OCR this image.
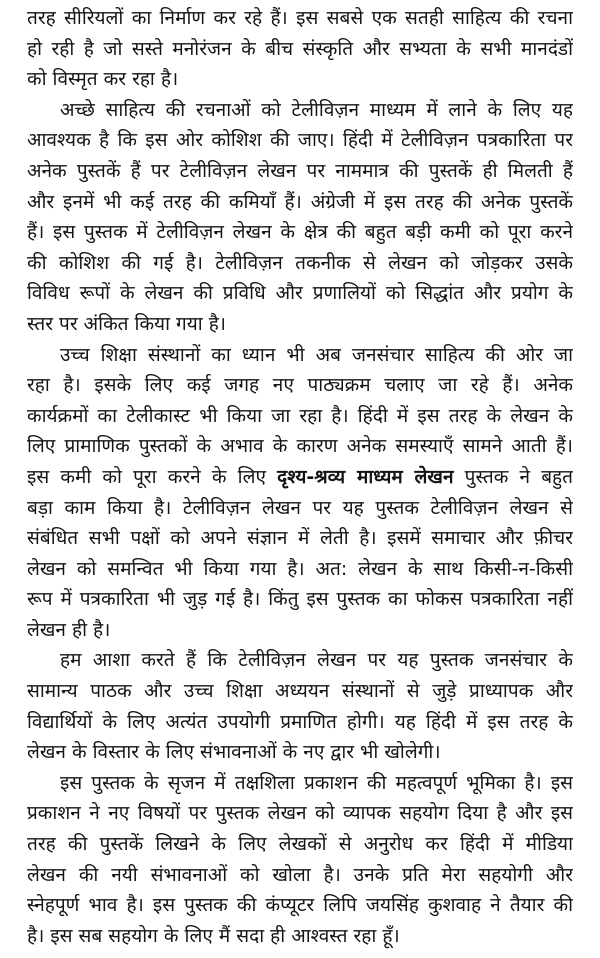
तरह सीरियलों का निर्माण कर रहे हैं। इस सबसे एक सतही साहित्य की रचना
हो रही है जो सस्ते मनोरंजन के बीच संस्कृति और सभ्यता के सभी मानदंडों
को विस्मृत कर रहा है।
अच्छे साहित्य की रचनाओं को टेलीविज़न माध्यम में लाने के लिए यह
आवश्यक है कि इस ओर कोशिश की जाए। हिंदी में टेलीविज़न पत्रकारिता पर
अनेक पुस्तकें हैं पर टेलीविज़न लेखन पर नाममात्र की पुस्तकें ही मिलती हैं
और इनमें भी कई तरह की कमियाँ हैं। अंग्रेजी में इस तरह की अनेक पुस्तकें
हैं। इस पुस्तक में टेलीविज़न लेखन के क्षेत्र की बहुत बड़ी कमी को पूरा करने
की कोशिश की गई है। टेलीविज़न तकनीक से लेखन को जोड़कर उसके
विविध रूपों के लेखन की प्रविधि और प्रणालियों को सिद्धांत और प्रयोग के
स्तर पर अंकित किया गया है।
उच्च शिक्षा संस्थानों का ध्यान भी अब जनसंचार साहित्य की ओर जा
रहा है। इसके लिए कई जगह नए पाठ्यक्रम चलाए जा रहे हैं। अनेक
कार्यक्रमों का टेलीकास्ट भी किया जा रहा है। हिंदी में इस तरह के लेखन के
लिए प्रामाणिक पुस्तकों के अभाव के कारण अनेक समस्याएँ सामने आती हैं।
इस कमी को पूरा करने के लिए दृश्य-श्रव्य माध्यम लेखन पुस्तक ने बहुत
बड़ा काम किया है। टेलीविज़न लेखन पर यह पुस्तक टेलीविज़न लेखन से
संबंधित सभी पक्षों को अपने संज्ञान में लेती है। इसमें समाचार और फ़ीचर
लेखन को समन्वित भी किया गया है। अत: लेखन के साथ किसी-न-किसी
रूप में पत्रकारिता भी जुड़ गई है। किंतु इस पुस्तक का फोकस पत्रकारिता नहीं
लेखन ही है।
हम आशा करते हैं कि टेलीविज़न लेखन पर यह पुस्तक जनसंचार के
सामान्य पाठक और उच्च शिक्षा अध्ययन संस्थानों से जुड़े प्राध्यापक और
विद्यार्थियों के लिए अत्यंत उपयोगी प्रमाणित होगी। यह हिंदी में इस तरह के
लेखन के विस्तार के लिए संभावनाओं के नए द्वार भी खोलेगी।
इस पुस्तक के सृजन में तक्षशिला प्रकाशन की महत्वपूर्ण भूमिका है। इस
प्रकाशन ने नए विषयों पर पुस्तक लेखन को व्यापक सहयोग दिया है और इस
तरह की पुस्तकें लिखने के लिए लेखकों से अनुरोध कर हिंदी में मीडिया
लेखन की नयी संभावनाओं को खोला है। उनके प्रति मेरा सहयोगी और
स्नेहपूर्ण भाव है। इस पुस्तक की कंप्यूटर लिपि जयसिंह कुशवाह ने तैयार की
है। इस सब सहयोग के लिए मैं सदा ही आश्वस्त रहा हूँ।
